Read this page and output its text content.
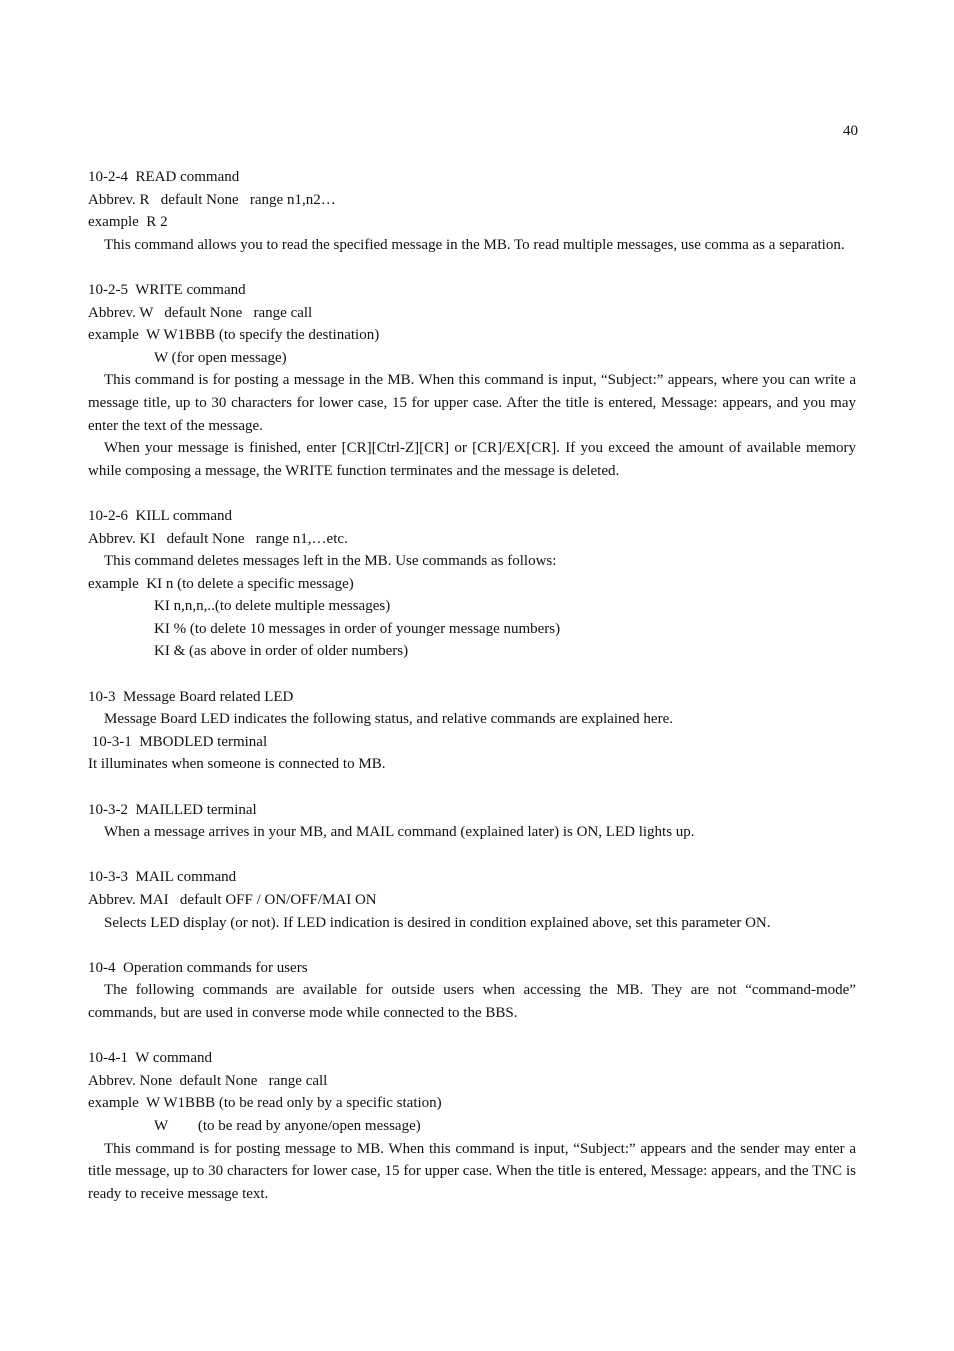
40

10-2-4  READ command

Abbrev. R   default None   range n1,n2…

example  R 2

This command allows you to read the specified message in the MB. To read multiple messages, use comma as a separation.

10-2-5  WRITE command

Abbrev. W   default None   range call

example  W W1BBB (to specify the destination)

W (for open message)

This command is for posting a message in the MB. When this command is input, “Subject:” appears, where you can write a message title, up to 30 characters for lower case, 15 for upper case. After the title is entered, Message: appears, and you may enter the text of the message.

When your message is finished, enter [CR][Ctrl-Z][CR] or [CR]/EX[CR]. If you exceed the amount of available memory while composing a message, the WRITE function terminates and the message is deleted.

10-2-6  KILL command

Abbrev. KI   default None   range n1,…etc.

This command deletes messages left in the MB. Use commands as follows:

example  KI n (to delete a specific message)

KI n,n,n,..(to delete multiple messages)

KI % (to delete 10 messages in order of younger message numbers)

KI & (as above in order of older numbers)

10-3  Message Board related LED

Message Board LED indicates the following status, and relative commands are explained here.

10-3-1  MBODLED terminal

It illuminates when someone is connected to MB.

10-3-2  MAILLED terminal

When a message arrives in your MB, and MAIL command (explained later) is ON, LED lights up.

10-3-3  MAIL command

Abbrev. MAI   default OFF / ON/OFF/MAI ON

Selects LED display (or not). If LED indication is desired in condition explained above, set this parameter ON.

10-4  Operation commands for users

The following commands are available for outside users when accessing the MB. They are not “command-mode” commands, but are used in converse mode while connected to the BBS.

10-4-1  W command

Abbrev. None  default None   range call

example  W W1BBB (to be read only by a specific station)

W        (to be read by anyone/open message)

This command is for posting message to MB. When this command is input, “Subject:” appears and the sender may enter a title message, up to 30 characters for lower case, 15 for upper case. When the title is entered, Message: appears, and the TNC is ready to receive message text.
